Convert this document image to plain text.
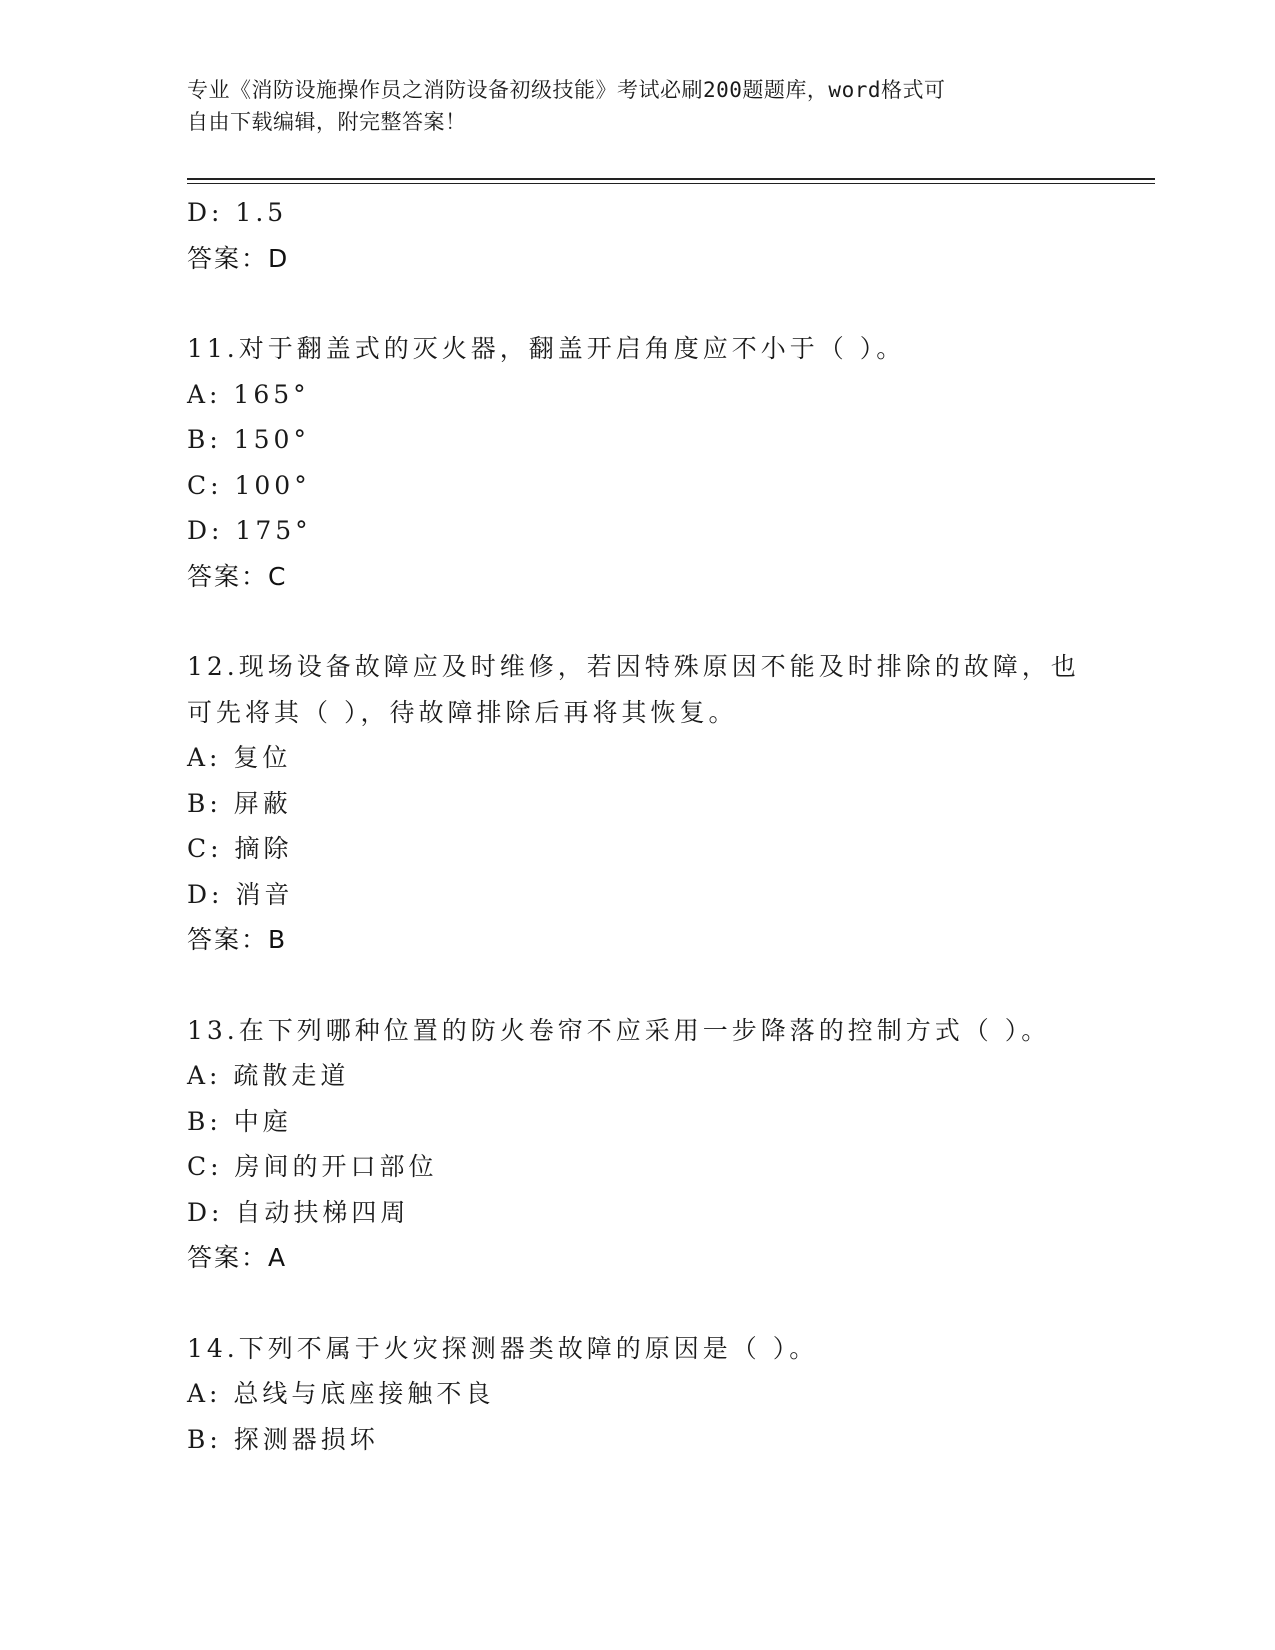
专业《消防设施操作员之消防设备初级技能》考试必刷200题题库，word格式可
自由下载编辑，附完整答案！
D: 1.5
答案：D
11.对于翻盖式的灭火器，翻盖开启角度应不小于（ ）。
A: 165°
B: 150°
C: 100°
D: 175°
答案：C
12.现场设备故障应及时维修，若因特殊原因不能及时排除的故障，也
可先将其（ ），待故障排除后再将其恢复。
A: 复位
B: 屏蔽
C: 摘除
D: 消音
答案：B
13.在下列哪种位置的防火卷帘不应采用一步降落的控制方式（ ）。
A: 疏散走道
B: 中庭
C: 房间的开口部位
D: 自动扶梯四周
答案：A
14.下列不属于火灾探测器类故障的原因是（ ）。
A: 总线与底座接触不良
B: 探测器损坏
